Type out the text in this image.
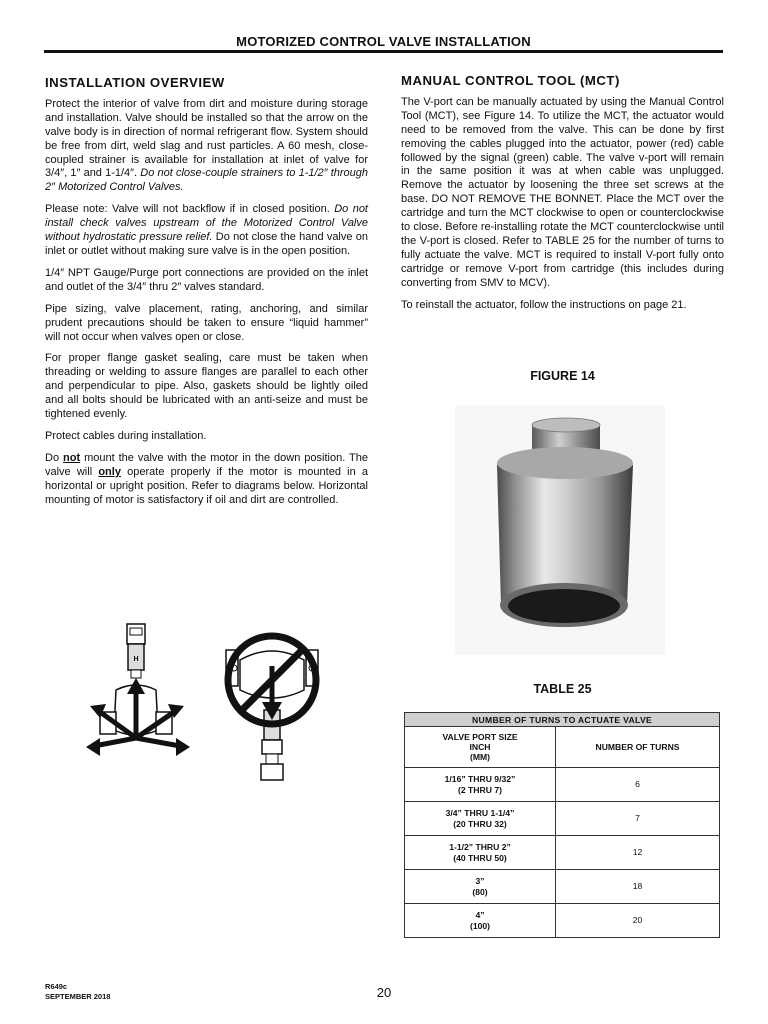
MOTORIZED CONTROL VALVE INSTALLATION
INSTALLATION OVERVIEW

Protect the interior of valve from dirt and moisture during storage and installation. Valve should be installed so that the arrow on the valve body is in direction of normal refrigerant flow. System should be free from dirt, weld slag and rust particles. A 60 mesh, close-coupled strainer is available for installation at inlet of valve for 3/4″, 1″ and 1-1/4″. Do not close-couple strainers to 1-1/2″ through 2″ Motorized Control Valves.

Please note: Valve will not backflow if in closed position. Do not install check valves upstream of the Motorized Control Valve without hydrostatic pressure relief. Do not close the hand valve on inlet or outlet without making sure valve is in the open position.

1/4″ NPT Gauge/Purge port connections are provided on the inlet and outlet of the 3/4″ thru 2″ valves standard.

Pipe sizing, valve placement, rating, anchoring, and similar prudent precautions should be taken to ensure “liquid hammer” will not occur when valves open or close.

For proper flange gasket sealing, care must be taken when threading or welding to assure flanges are parallel to each other and perpendicular to pipe. Also, gaskets should be lightly oiled and all bolts should be lubricated with an anti-seize and must be tightened evenly.

Protect cables during installation.

Do not mount the valve with the motor in the down position. The valve will only operate properly if the motor is mounted in a horizontal or upright position. Refer to diagrams below. Horizontal mounting of motor is satisfactory if oil and dirt are controlled.

H
MANUAL CONTROL TOOL (MCT)

The V-port can be manually actuated by using the Manual Control Tool (MCT), see Figure 14. To utilize the MCT, the actuator would need to be removed from the valve. This can be done by first removing the cables plugged into the actuator, power (red) cable followed by the signal (green) cable. The valve v-port will remain in the same position it was at when cable was unplugged. Remove the actuator by loosening the three set screws at the base. DO NOT REMOVE THE BONNET. Place the MCT over the cartridge and turn the MCT clockwise to open or counterclockwise to close. Before re-installing rotate the MCT counterclockwise until the V-port is closed. Refer to TABLE 25 for the number of turns to fully actuate the valve. MCT is required to install V-port fully onto cartridge or remove V-port from cartridge (this includes during converting from SMV to MCV).

To reinstall the actuator, follow the instructions on page 21.

FIGURE 14
TABLE 25
NUMBER OF TURNS TO ACTUATE VALVE	
VALVE PORT SIZE
INCH
(MM)	NUMBER OF TURNS
1/16” THRU 9/32”
(2 THRU 7)	6
3/4” THRU 1-1/4”
(20 THRU 32)	7
1-1/2” THRU 2”
(40 THRU 50)	12
3”
(80)	18
4”
(100)	20
R649c
SEPTEMBER 2018	20
